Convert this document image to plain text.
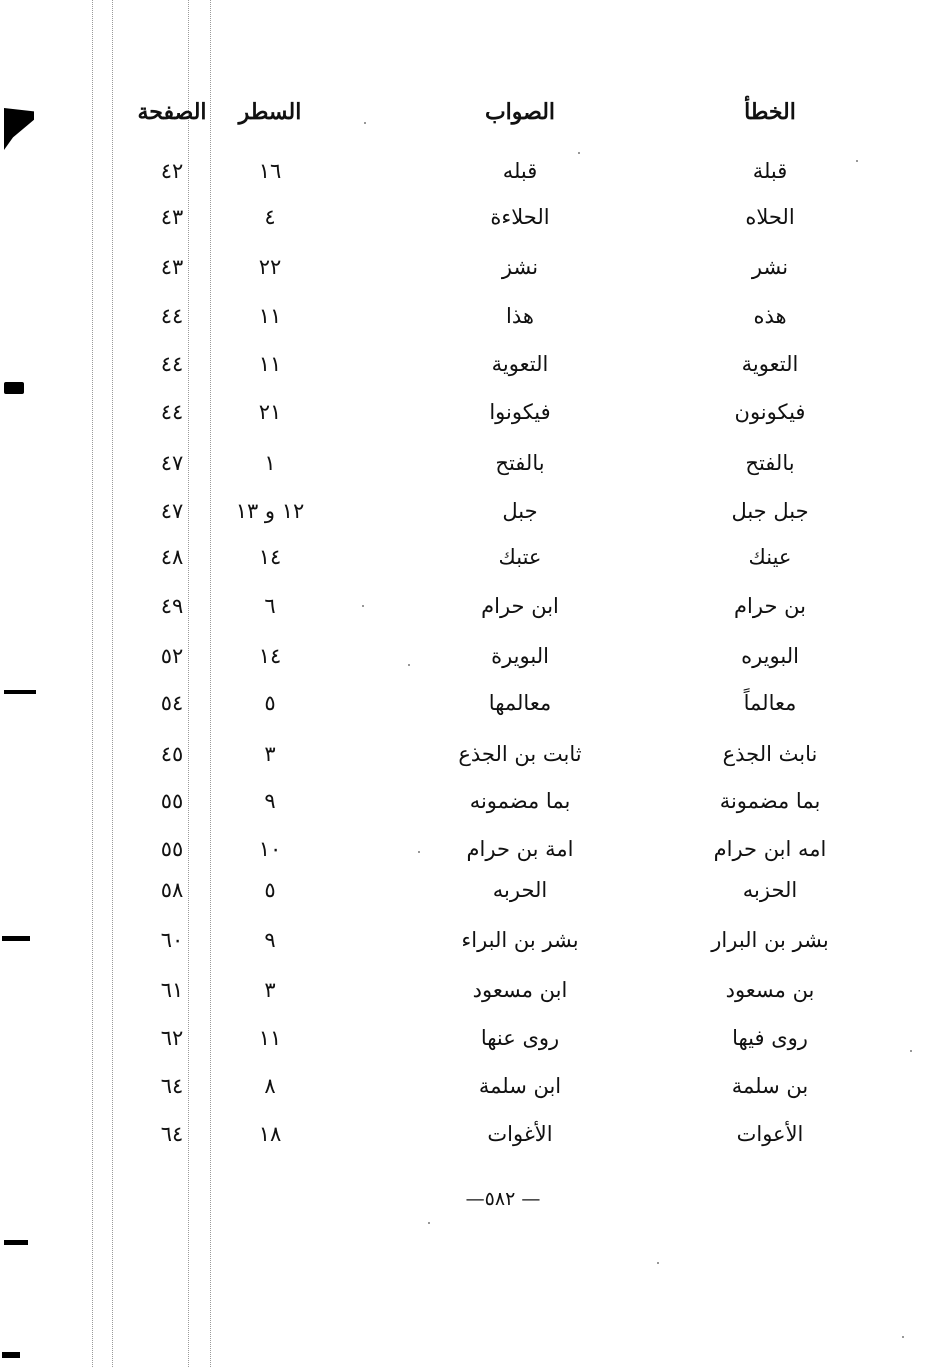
الخطأ
الصواب
السطر
الصفحة
قبلة
قبله
١٦
٤٢
الحلاه
الحلاءة
٤
٤٣
نشر
نشز
٢٢
٤٣
هذه
هذا
١١
٤٤
التعوية
التعوية
١١
٤٤
فيكونون
فيكونوا
٢١
٤٤
بالفتح
بالفتح
١
٤٧
جبل جبل
جبل
١٢ و ١٣
٤٧
عينك
عتبك
١٤
٤٨
بن حرام
ابن حرام
٦
٤٩
البويره
البويرة
١٤
٥٢
معالماً
معالمها
٥
٥٤
نابث الجذع
ثابت بن الجذع
٣
٤٥
بما مضمونة
بما مضمونه
٩
٥٥
امه ابن حرام
امة بن حرام
١٠
٥٥
الحزبه
الحربه
٥
٥٨
بشر بن البرار
بشر بن البراء
٩
٦٠
بن مسعود
ابن مسعود
٣
٦١
روى فيها
روى عنها
١١
٦٢
بن سلمة
ابن سلمة
٨
٦٤
الأعوات
الأغوات
١٨
٦٤
— ٥٨٢—
